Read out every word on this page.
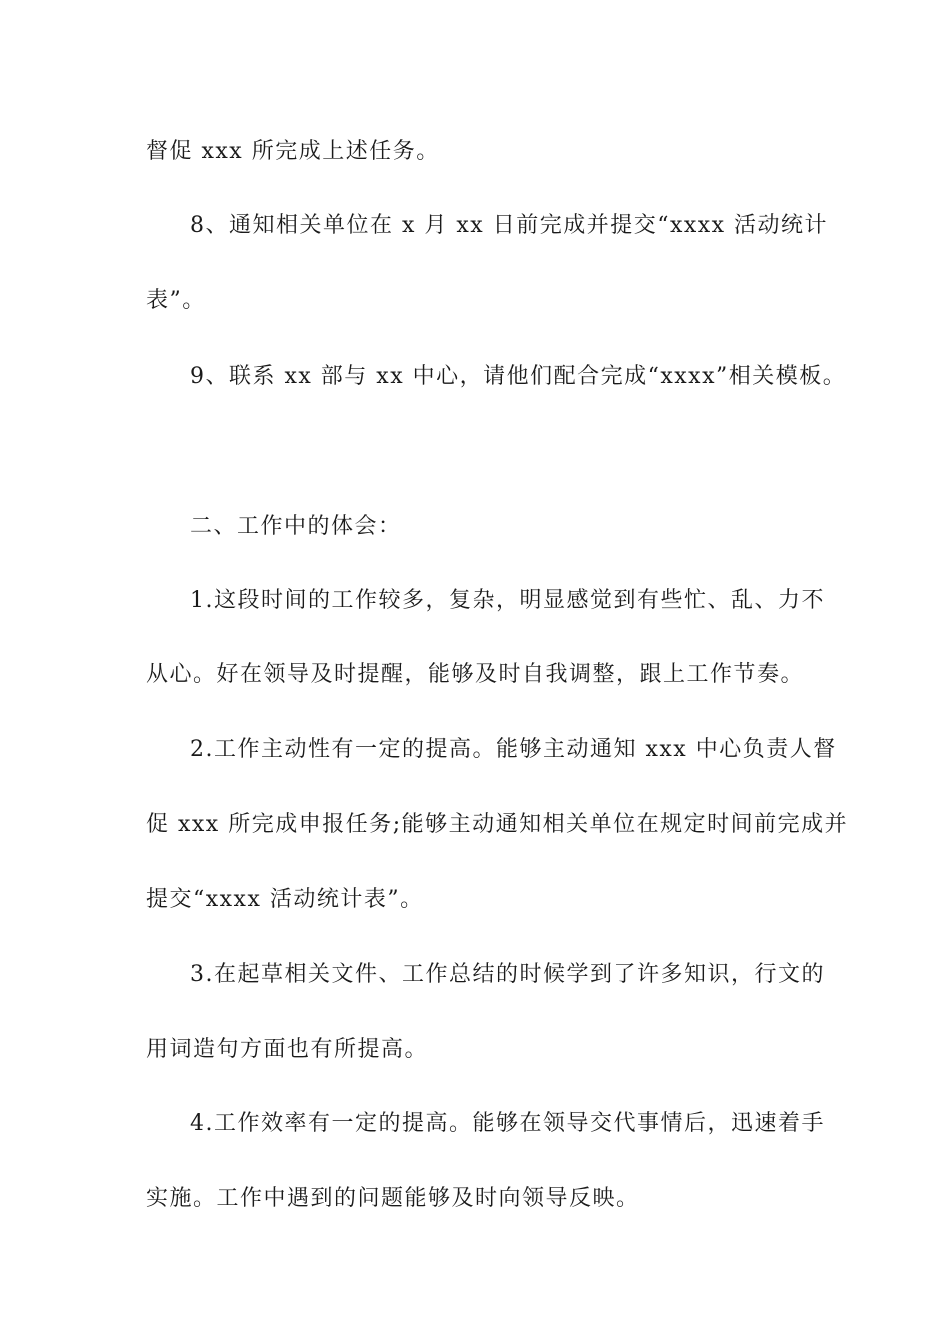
督促 xxx 所完成上述任务。
8、通知相关单位在 x 月 xx 日前完成并提交“xxxx 活动统计
表”。
9、联系 xx 部与 xx 中心，请他们配合完成“xxxx”相关模板。
二、工作中的体会：
1.这段时间的工作较多，复杂，明显感觉到有些忙、乱、力不
从心。好在领导及时提醒，能够及时自我调整，跟上工作节奏。
2.工作主动性有一定的提高。能够主动通知 xxx 中心负责人督
促 xxx 所完成申报任务;能够主动通知相关单位在规定时间前完成并
提交“xxxx 活动统计表”。
3.在起草相关文件、工作总结的时候学到了许多知识，行文的
用词造句方面也有所提高。
4.工作效率有一定的提高。能够在领导交代事情后，迅速着手
实施。工作中遇到的问题能够及时向领导反映。
